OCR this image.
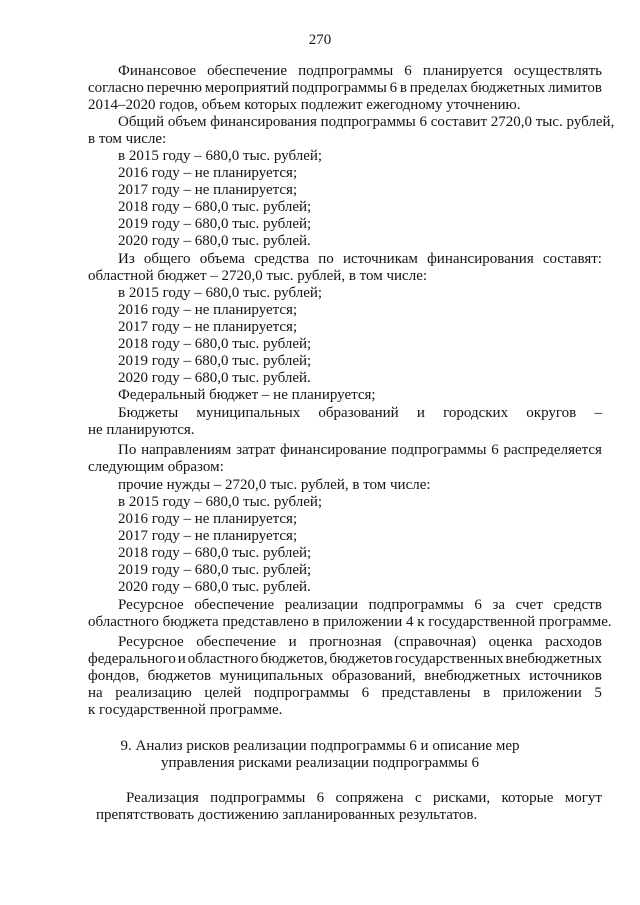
270
Финансовое обеспечение подпрограммы 6 планируется осуществлять
согласно перечню мероприятий подпрограммы 6 в пределах бюджетных лимитов
2014–2020 годов, объем которых подлежит ежегодному уточнению.
Общий объем финансирования подпрограммы 6 составит 2720,0 тыс. рублей,
в том числе:
в 2015 году – 680,0 тыс. рублей;
2016 году – не планируется;
2017 году – не планируется;
2018 году – 680,0 тыс. рублей;
2019 году – 680,0 тыс. рублей;
2020 году – 680,0 тыс. рублей.
Из общего объема средства по источникам финансирования составят:
областной бюджет – 2720,0 тыс. рублей, в том числе:
в 2015 году – 680,0 тыс. рублей;
2016 году – не планируется;
2017 году – не планируется;
2018 году – 680,0 тыс. рублей;
2019 году – 680,0 тыс. рублей;
2020 году – 680,0 тыс. рублей.
Федеральный бюджет – не планируется;
Бюджеты муниципальных образований и городских округов –
не планируются.
По направлениям затрат финансирование подпрограммы 6 распределяется
следующим образом:
прочие нужды – 2720,0 тыс. рублей, в том числе:
в 2015 году – 680,0 тыс. рублей;
2016 году – не планируется;
2017 году – не планируется;
2018 году – 680,0 тыс. рублей;
2019 году – 680,0 тыс. рублей;
2020 году – 680,0 тыс. рублей.
Ресурсное обеспечение реализации подпрограммы 6 за счет средств
областного бюджета представлено в приложении 4 к государственной программе.
Ресурсное обеспечение и прогнозная (справочная) оценка расходов
федерального и областного бюджетов, бюджетов государственных внебюджетных
фондов, бюджетов муниципальных образований, внебюджетных источников
на реализацию целей подпрограммы 6 представлены в приложении 5
к государственной программе.
9. Анализ рисков реализации подпрограммы 6 и описание мер
управления рисками реализации подпрограммы 6
Реализация подпрограммы 6 сопряжена с рисками, которые могут
препятствовать достижению запланированных результатов.
